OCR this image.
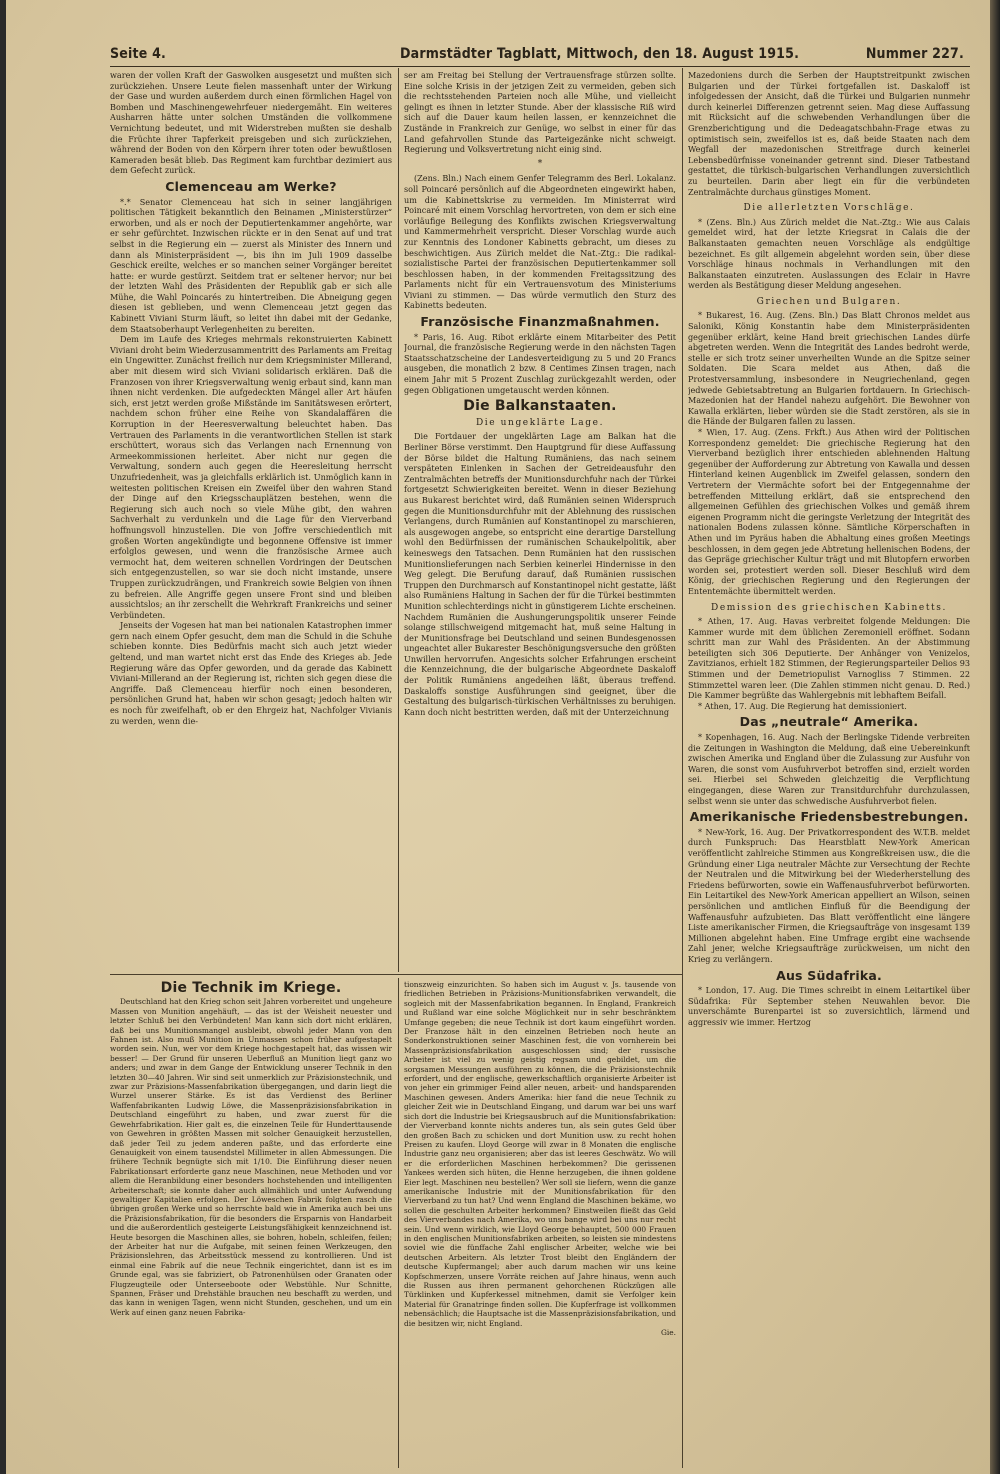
Seite 4.	Darmstädter Tagblatt, Mittwoch, den 18. August 1915.	Nummer 227.

waren der vollen Kraft der Gaswolken ausgesetzt und mußten sich zurückziehen. Unsere Leute fielen massenhaft unter der Wirkung der Gase und wurden außerdem durch einen förmlichen Hagel von Bomben und Maschinengewehrfeuer niedergemäht. Ein weiteres Ausharren hätte unter solchen Umständen die vollkommene Vernichtung bedeutet, und mit Widerstreben mußten sie deshalb die Früchte ihrer Tapferkeit preisgeben und sich zurückziehen, während der Boden von den Körpern ihrer toten oder bewußtlosen Kameraden besät blieb. Das Regiment kam furchtbar dezimiert aus dem Gefecht zurück.

Clemenceau am Werke?

*.* Senator Clemenceau hat sich in seiner langjährigen politischen Tätigkeit bekanntlich den Beinamen „Ministerstürzer“ erworben, und als er noch der Deputiertenkammer angehörte, war er sehr gefürchtet. Inzwischen rückte er in den Senat auf und trat selbst in die Regierung ein — zuerst als Minister des Innern und dann als Ministerpräsident —, bis ihn im Juli 1909 dasselbe Geschick ereilte, welches er so manchen seiner Vorgänger bereitet hatte: er wurde gestürzt. Seitdem trat er seltener hervor; nur bei der letzten Wahl des Präsidenten der Republik gab er sich alle Mühe, die Wahl Poincarés zu hintertreiben. Die Abneigung gegen diesen ist geblieben, und wenn Clemenceau jetzt gegen das Kabinett Viviani Sturm läuft, so leitet ihn dabei mit der Gedanke, dem Staatsoberhaupt Verlegenheiten zu bereiten.

Dem im Laufe des Krieges mehrmals rekonstruierten Kabinett Viviani droht beim Wiederzusammentritt des Parlaments am Freitag ein Ungewitter. Zunächst freilich nur dem Kriegsminister Millerand, aber mit diesem wird sich Viviani solidarisch erklären. Daß die Franzosen von ihrer Kriegsverwaltung wenig erbaut sind, kann man ihnen nicht verdenken. Die aufgedeckten Mängel aller Art häufen sich, erst jetzt werden große Mißstände im Sanitätswesen erörtert, nachdem schon früher eine Reihe von Skandalaffären die Korruption in der Heeresverwaltung beleuchtet haben. Das Vertrauen des Parlaments in die verantwortlichen Stellen ist stark erschüttert, woraus sich das Verlangen nach Ernennung von Armeekommissionen herleitet. Aber nicht nur gegen die Verwaltung, sondern auch gegen die Heeresleitung herrscht Unzufriedenheit, was ja gleichfalls erklärlich ist. Unmöglich kann in weitesten politischen Kreisen ein Zweifel über den wahren Stand der Dinge auf den Kriegsschauplätzen bestehen, wenn die Regierung sich auch noch so viele Mühe gibt, den wahren Sachverhalt zu verdunkeln und die Lage für den Vierverband hoffnungsvoll hinzustellen. Die von Joffre verschiedentlich mit großen Worten angekündigte und begonnene Offensive ist immer erfolglos gewesen, und wenn die französische Armee auch vermocht hat, dem weiteren schnellen Vordringen der Deutschen sich entgegenzustellen, so war sie doch nicht imstande, unsere Truppen zurückzudrängen, und Frankreich sowie Belgien von ihnen zu befreien. Alle Angriffe gegen unsere Front sind und bleiben aussichtslos; an ihr zerschellt die Wehrkraft Frankreichs und seiner Verbündeten.

Jenseits der Vogesen hat man bei nationalen Katastrophen immer gern nach einem Opfer gesucht, dem man die Schuld in die Schuhe schieben konnte. Dies Bedürfnis macht sich auch jetzt wieder geltend, und man wartet nicht erst das Ende des Krieges ab. Jede Regierung wäre das Opfer geworden, und da gerade das Kabinett Viviani-Millerand an der Regierung ist, richten sich gegen diese die Angriffe. Daß Clemenceau hierfür noch einen besonderen, persönlichen Grund hat, haben wir schon gesagt; jedoch halten wir es noch für zweifelhaft, ob er den Ehrgeiz hat, Nachfolger Vivianis zu werden, wenn die-

ser am Freitag bei Stellung der Vertrauensfrage stürzen sollte. Eine solche Krisis in der jetzigen Zeit zu vermeiden, geben sich die rechtsstehenden Parteien noch alle Mühe, und vielleicht gelingt es ihnen in letzter Stunde. Aber der klassische Riß wird sich auf die Dauer kaum heilen lassen, er kennzeichnet die Zustände in Frankreich zur Genüge, wo selbst in einer für das Land gefahrvollen Stunde das Parteigezänke nicht schweigt. Regierung und Volksvertretung nicht einig sind.

*

(Zens. Bln.) Nach einem Genfer Telegramm des Berl. Lokalanz. soll Poincaré persönlich auf die Abgeordneten eingewirkt haben, um die Kabinettskrise zu vermeiden. Im Ministerrat wird Poincaré mit einem Vorschlag hervortreten, von dem er sich eine vorläufige Beilegung des Konflikts zwischen Kriegsverwaltung und Kammermehrheit verspricht. Dieser Vorschlag wurde auch zur Kenntnis des Londoner Kabinetts gebracht, um dieses zu beschwichtigen. Aus Zürich meldet die Nat.-Ztg.: Die radikal-sozialistische Partei der französischen Deputiertenkammer soll beschlossen haben, in der kommenden Freitagssitzung des Parlaments nicht für ein Vertrauensvotum des Ministeriums Viviani zu stimmen. — Das würde vermutlich den Sturz des Kabinetts bedeuten.

Französische Finanzmaßnahmen.

* Paris, 16. Aug. Ribot erklärte einem Mitarbeiter des Petit Journal, die französische Regierung werde in den nächsten Tagen Staatsschatzscheine der Landesverteidigung zu 5 und 20 Francs ausgeben, die monatlich 2 bzw. 8 Centimes Zinsen tragen, nach einem Jahr mit 5 Prozent Zuschlag zurückgezahlt werden, oder gegen Obligationen umgetauscht werden können.

Die Balkanstaaten.
Die ungeklärte Lage.

Die Fortdauer der ungeklärten Lage am Balkan hat die Berliner Börse verstimmt. Den Hauptgrund für diese Auffassung der Börse bildet die Haltung Rumäniens, das nach seinem verspäteten Einlenken in Sachen der Getreideausfuhr den Zentralmächten betreffs der Munitionsdurchfuhr nach der Türkei fortgesetzt Schwierigkeiten bereitet. Wenn in dieser Beziehung aus Bukarest berichtet wird, daß Rumänien seinen Widerspruch gegen die Munitionsdurchfuhr mit der Ablehnung des russischen Verlangens, durch Rumänien auf Konstantinopel zu marschieren, als ausgewogen angebe, so entspricht eine derartige Darstellung wohl den Bedürfnissen der rumänischen Schaukelpolitik, aber keineswegs den Tatsachen. Denn Rumänien hat den russischen Munitionslieferungen nach Serbien keinerlei Hindernisse in den Weg gelegt. Die Berufung darauf, daß Rumänien russischen Truppen den Durchmarsch auf Konstantinopel nicht gestatte, läßt also Rumäniens Haltung in Sachen der für die Türkei bestimmten Munition schlechterdings nicht in günstigerem Lichte erscheinen. Nachdem Rumänien die Aushungerungspolitik unserer Feinde solange stillschweigend mitgemacht hat, muß seine Haltung in der Munitionsfrage bei Deutschland und seinen Bundesgenossen ungeachtet aller Bukarester Beschönigungsversuche den größten Unwillen hervorrufen. Angesichts solcher Erfahrungen erscheint die Kennzeichnung, die der bulgarische Abgeordnete Daskaloff der Politik Rumäniens angedeihen läßt, überaus treffend. Daskaloffs sonstige Ausführungen sind geeignet, über die Gestaltung des bulgarisch-türkischen Verhältnisses zu beruhigen. Kann doch nicht bestritten werden, daß mit der Unterzeichnung

Mazedoniens durch die Serben der Hauptstreitpunkt zwischen Bulgarien und der Türkei fortgefallen ist. Daskaloff ist infolgedessen der Ansicht, daß die Türkei und Bulgarien nunmehr durch keinerlei Differenzen getrennt seien. Mag diese Auffassung mit Rücksicht auf die schwebenden Verhandlungen über die Grenzberichtigung und die Dedeagatschbahn-Frage etwas zu optimistisch sein, zweifellos ist es, daß beide Staaten nach dem Wegfall der mazedonischen Streitfrage durch keinerlei Lebensbedürfnisse voneinander getrennt sind. Dieser Tatbestand gestattet, die türkisch-bulgarischen Verhandlungen zuversichtlich zu beurteilen. Darin aber liegt ein für die verbündeten Zentralmächte durchaus günstiges Moment.

Die allerletzten Vorschläge.

* (Zens. Bln.) Aus Zürich meldet die Nat.-Ztg.: Wie aus Calais gemeldet wird, hat der letzte Kriegsrat in Calais die der Balkanstaaten gemachten neuen Vorschläge als endgültige bezeichnet. Es gilt allgemein abgelehnt worden sein, über diese Vorschläge hinaus nochmals in Verhandlungen mit den Balkanstaaten einzutreten. Auslassungen des Eclair in Havre werden als Bestätigung dieser Meldung angesehen.

Griechen und Bulgaren.

* Bukarest, 16. Aug. (Zens. Bln.) Das Blatt Chronos meldet aus Saloniki, König Konstantin habe dem Ministerpräsidenten gegenüber erklärt, keine Hand breit griechischen Landes dürfe abgetreten werden. Wenn die Integrität des Landes bedroht werde, stelle er sich trotz seiner unverheilten Wunde an die Spitze seiner Soldaten. Die Scara meldet aus Athen, daß die Protestversammlung, insbesondere in Neugriechenland, gegen jedwede Gebietsabtretung an Bulgarien fortdauern. In Griechisch-Mazedonien hat der Handel nahezu aufgehört. Die Bewohner von Kawalla erklärten, lieber würden sie die Stadt zerstören, als sie in die Hände der Bulgaren fallen zu lassen.

* Wien, 17. Aug. (Zens. Frkft.) Aus Athen wird der Politischen Korrespondenz gemeldet: Die griechische Regierung hat den Vierverband bezüglich ihrer entschieden ablehnenden Haltung gegenüber der Aufforderung zur Abtretung von Kawalla und dessen Hinterland keinen Augenblick im Zweifel gelassen, sondern den Vertretern der Viermächte sofort bei der Entgegennahme der betreffenden Mitteilung erklärt, daß sie entsprechend den allgemeinen Gefühlen des griechischen Volkes und gemäß ihrem eigenen Programm nicht die geringste Verletzung der Integrität des nationalen Bodens zulassen könne. Sämtliche Körperschaften in Athen und im Pyräus haben die Abhaltung eines großen Meetings beschlossen, in dem gegen jede Abtretung hellenischen Bodens, der das Gepräge griechischer Kultur trägt und mit Blutopfern erworben worden sei, protestiert werden soll. Dieser Beschluß wird dem König, der griechischen Regierung und den Regierungen der Ententemächte übermittelt werden.

Demission des griechischen Kabinetts.

* Athen, 17. Aug. Havas verbreitet folgende Meldungen: Die Kammer wurde mit dem üblichen Zeremoniell eröffnet. Sodann schritt man zur Wahl des Präsidenten. An der Abstimmung beteiligten sich 306 Deputierte. Der Anhänger von Venizelos, Zavitzianos, erhielt 182 Stimmen, der Regierungsparteiler Delios 93 Stimmen und der Demetriopulist Varnogliss 7 Stimmen. 22 Stimmzettel waren leer. (Die Zahlen stimmen nicht genau. D. Red.) Die Kammer begrüßte das Wahlergebnis mit lebhaftem Beifall.

* Athen, 17. Aug. Die Regierung hat demissioniert.

Das „neutrale“ Amerika.

* Kopenhagen, 16. Aug. Nach der Berlingske Tidende verbreiten die Zeitungen in Washington die Meldung, daß eine Uebereinkunft zwischen Amerika und England über die Zulassung zur Ausfuhr von Waren, die sonst vom Ausfuhrverbot betroffen sind, erzielt worden sei. Hierbei sei Schweden gleichzeitig die Verpflichtung eingegangen, diese Waren zur Transitdurchfuhr durchzulassen, selbst wenn sie unter das schwedische Ausfuhrverbot fielen.

Amerikanische Friedensbestrebungen.

* New-York, 16. Aug. Der Privatkorrespondent des W.T.B. meldet durch Funkspruch: Das Hearstblatt New-York American veröffentlicht zahlreiche Stimmen aus Kongreßkreisen usw., die die Gründung einer Liga neutraler Mächte zur Versechtung der Rechte der Neutralen und die Mitwirkung bei der Wiederherstellung des Friedens befürworten, sowie ein Waffenausfuhrverbot befürworten. Ein Leitartikel des New-York American appelliert an Wilson, seinen persönlichen und amtlichen Einfluß für die Beendigung der Waffenausfuhr aufzubieten. Das Blatt veröffentlicht eine längere Liste amerikanischer Firmen, die Kriegsaufträge von insgesamt 139 Millionen abgelehnt haben. Eine Umfrage ergibt eine wachsende Zahl jener, welche Kriegsaufträge zurückweisen, um nicht den Krieg zu verlängern.

Aus Südafrika.

* London, 17. Aug. Die Times schreibt in einem Leitartikel über Südafrika: Für September stehen Neuwahlen bevor. Die unverschämte Burenpartei ist so zuversichtlich, lärmend und aggressiv wie immer. Hertzog

Die Technik im Kriege.

Deutschland hat den Krieg schon seit Jahren vorbereitet und ungeheure Massen von Munition angehäuft, — das ist der Weisheit neuester und letzter Schluß bei den Verbündeten! Man kann sich dort nicht erklären, daß bei uns Munitionsmangel ausbleibt, obwohl jeder Mann von den Fahnen ist. Also muß Munition in Unmassen schon früher aufgestapelt worden sein. Nun, wer vor dem Kriege hochgestapelt hat, das wissen wir besser! — Der Grund für unseren Ueberfluß an Munition liegt ganz wo anders; und zwar in dem Gange der Entwicklung unserer Technik in den letzten 30—40 Jahren. Wir sind seit unmerklich zur Präzisionstechnik, und zwar zur Präzisions-Massenfabrikation übergegangen, und darin liegt die Wurzel unserer Stärke. Es ist das Verdienst des Berliner Waffenfabrikanten Ludwig Löwe, die Massenpräzisionsfabrikation in Deutschland eingeführt zu haben, und zwar zuerst für die Gewehrfabrikation. Hier galt es, die einzelnen Teile für Hunderttausende von Gewehren in größten Massen mit solcher Genauigkeit herzustellen, daß jeder Teil zu jedem anderen paßte, und das erforderte eine Genauigkeit von einem tausendstel Millimeter in allen Abmessungen. Die frühere Technik begnügte sich mit 1/10. Die Einführung dieser neuen Fabrikationsart erforderte ganz neue Maschinen, neue Methoden und vor allem die Heranbildung einer besonders hochstehenden und intelligenten Arbeiterschaft; sie konnte daher auch allmählich und unter Aufwendung gewaltiger Kapitalien erfolgen. Der Löweschen Fabrik folgten rasch die übrigen großen Werke und so herrschte bald wie in Amerika auch bei uns die Präzisionsfabrikation, für die besonders die Ersparnis von Handarbeit und die außerordentlich gesteigerte Leistungsfähigkeit kennzeichnend ist. Heute besorgen die Maschinen alles, sie bohren, hobeln, schleifen, feilen; der Arbeiter hat nur die Aufgabe, mit seinen feinen Werkzeugen, den Präzisionslehren, das Arbeitsstück messend zu kontrollieren. Und ist einmal eine Fabrik auf die neue Technik eingerichtet, dann ist es im Grunde egal, was sie fabriziert, ob Patronenhülsen oder Granaten oder Flugzeugteile oder Unterseeboote oder Webstühle. Nur Schnitte, Spannen, Fräser und Drehstähle brauchen neu beschafft zu werden, und das kann in wenigen Tagen, wenn nicht Stunden, geschehen, und um ein Werk auf einen ganz neuen Fabrika-

tionszweig einzurichten. So haben sich im August v. Js. tausende von friedlichen Betrieben in Präzisions-Munitionsfabriken verwandelt, die sogleich mit der Massenfabrikation begannen. In England, Frankreich und Rußland war eine solche Möglichkeit nur in sehr beschränktem Umfange gegeben; die neue Technik ist dort kaum eingeführt worden. Der Franzose hält in den einzelnen Betrieben noch heute an Sonderkonstruktionen seiner Maschinen fest, die von vornherein bei Massenpräzisionsfabrikation ausgeschlossen sind; der russische Arbeiter ist viel zu wenig geistig regsam und gebildet, um die sorgsamen Messungen ausführen zu können, die die Präzisionstechnik erfordert, und der englische, gewerkschaftlich organisierte Arbeiter ist von jeher ein grimmiger Feind aller neuen, arbeit- und handsparenden Maschinen gewesen. Anders Amerika: hier fand die neue Technik zu gleicher Zeit wie in Deutschland Eingang, und darum war bei uns warf sich dort die Industrie bei Kriegsausbruch auf die Munitionsfabrikation: der Vierverband konnte nichts anderes tun, als sein gutes Geld über den großen Bach zu schicken und dort Munition usw. zu recht hohen Preisen zu kaufen. Lloyd George will zwar in 8 Monaten die englische Industrie ganz neu organisieren; aber das ist leeres Geschwätz. Wo will er die erforderlichen Maschinen herbekommen? Die gerissenen Yankees werden sich hüten, die Henne herzugeben, die ihnen goldene Eier legt. Maschinen neu bestellen? Wer soll sie liefern, wenn die ganze amerikanische Industrie mit der Munitionsfabrikation für den Vierverband zu tun hat? Und wenn England die Maschinen bekäme, wo sollen die geschulten Arbeiter herkommen? Einstweilen fließt das Geld des Vierverbandes nach Amerika, wo uns bange wird bei uns nur recht sein. Und wenn wirklich, wie Lloyd George behauptet, 500 000 Frauen in den englischen Munitionsfabriken arbeiten, so leisten sie mindestens soviel wie die fünffache Zahl englischer Arbeiter, welche wie bei deutschen Arbeitern. Als letzter Trost bleibt den Engländern der deutsche Kupfermangel; aber auch darum machen wir uns keine Kopfschmerzen, unsere Vorräte reichen auf Jahre hinaus, wenn auch die Russen aus ihren permanent gehorchenen Rückzügen alle Türklinken und Kupferkessel mitnehmen, damit sie Verfolger kein Material für Granatringe finden sollen. Die Kupferfrage ist vollkommen nebensächlich; die Hauptsache ist die Massenpräzisionsfabrikation, und die besitzen wir, nicht England.

Gie.
